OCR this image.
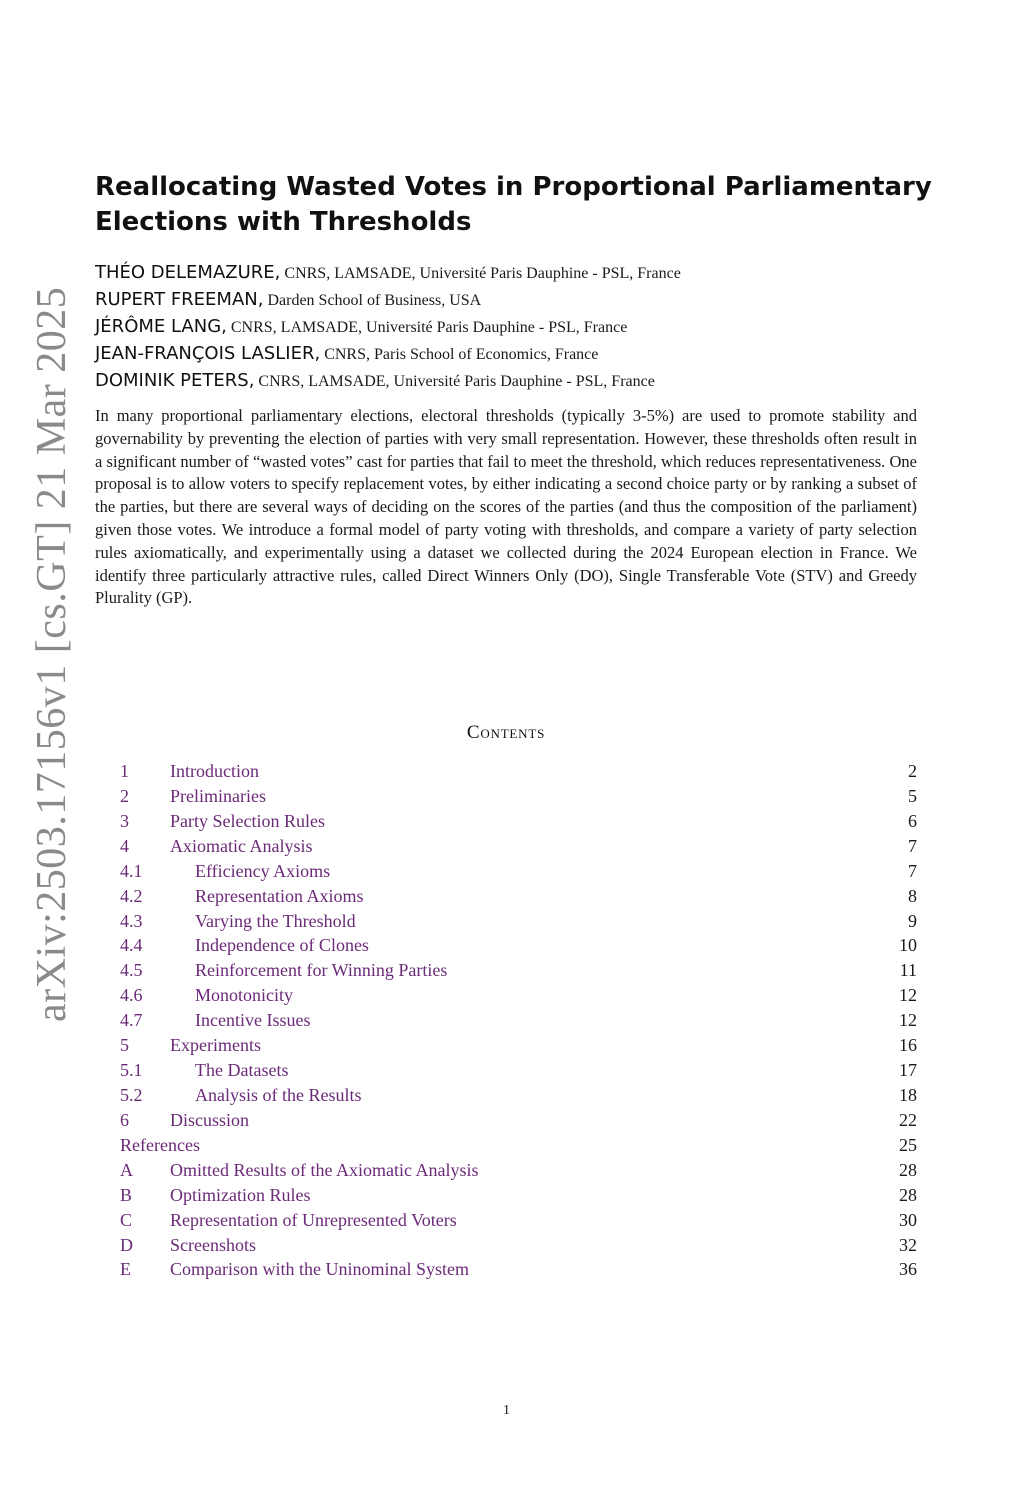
arXiv:2503.17156v1 [cs.GT] 21 Mar 2025
Reallocating Wasted Votes in Proportional Parliamentary Elections with Thresholds
THÉO DELEMAZURE, CNRS, LAMSADE, Université Paris Dauphine - PSL, France
RUPERT FREEMAN, Darden School of Business, USA
JÉRÔME LANG, CNRS, LAMSADE, Université Paris Dauphine - PSL, France
JEAN-FRANÇOIS LASLIER, CNRS, Paris School of Economics, France
DOMINIK PETERS, CNRS, LAMSADE, Université Paris Dauphine - PSL, France

In many proportional parliamentary elections, electoral thresholds (typically 3-5%) are used to promote stability and governability by preventing the election of parties with very small representation. However, these thresholds often result in a significant number of “wasted votes” cast for parties that fail to meet the threshold, which reduces representativeness. One proposal is to allow voters to specify replacement votes, by either indicating a second choice party or by ranking a subset of the parties, but there are several ways of deciding on the scores of the parties (and thus the composition of the parliament) given those votes. We introduce a formal model of party voting with thresholds, and compare a variety of party selection rules axiomatically, and experimentally using a dataset we collected during the 2024 European election in France. We identify three particularly attractive rules, called Direct Winners Only (DO), Single Transferable Vote (STV) and Greedy Plurality (GP).

Contents
1 Introduction	2
2 Preliminaries	5
3 Party Selection Rules	6
4 Axiomatic Analysis	7
4.1	Efficiency Axioms	7
4.2	Representation Axioms	8
4.3	Varying the Threshold	9
4.4	Independence of Clones	10
4.5	Reinforcement for Winning Parties	11
4.6	Monotonicity	12
4.7	Incentive Issues	12
5 Experiments	16
5.1	The Datasets	17
5.2	Analysis of the Results	18
6 Discussion	22
References	25
A Omitted Results of the Axiomatic Analysis	28
B Optimization Rules	28
C Representation of Unrepresented Voters	30
D Screenshots	32
E Comparison with the Uninominal System	36
1
